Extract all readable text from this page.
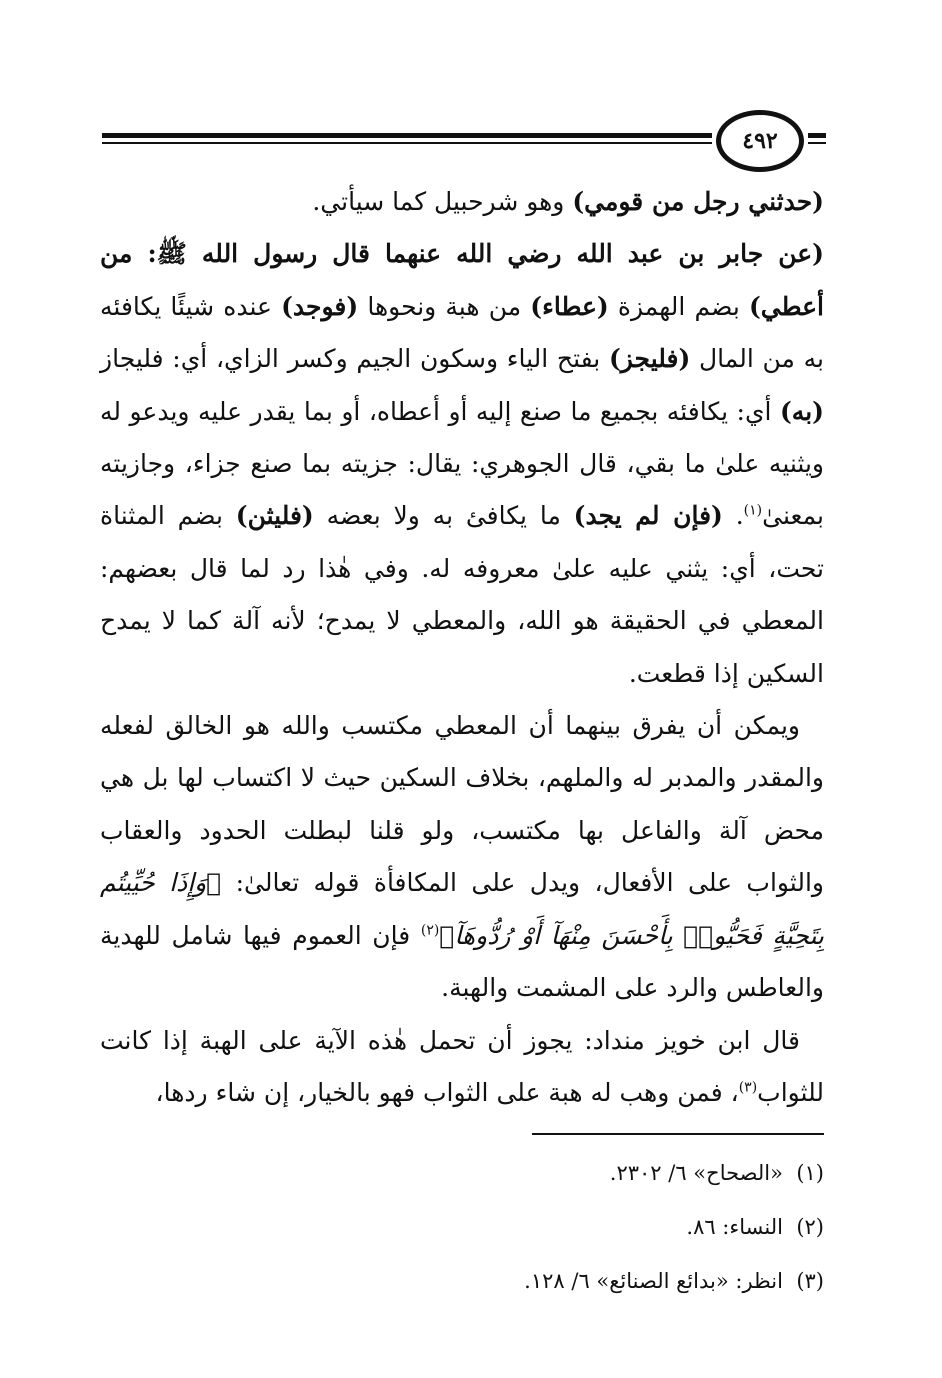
٤٩٢

(حدثني رجل من قومي) وهو شرحبيل كما سيأتي.

(عن جابر بن عبد الله رضي الله عنهما قال رسول الله ﷺ: من أعطي) بضم الهمزة (عطاء) من هبة ونحوها (فوجد) عنده شيئًا يكافئه به من المال (فليجز) بفتح الياء وسكون الجيم وكسر الزاي، أي: فليجاز (به) أي: يكافئه بجميع ما صنع إليه أو أعطاه، أو بما يقدر عليه ويدعو له ويثنيه علىٰ ما بقي، قال الجوهري: يقال: جزيته بما صنع جزاء، وجازيته بمعنىٰ$^{(١)}$. (فإن لم يجد) ما يكافئ به ولا بعضه (فليثن) بضم المثناة تحت، أي: يثني عليه علىٰ معروفه له. وفي هٰذا رد لما قال بعضهم: المعطي في الحقيقة هو الله، والمعطي لا يمدح؛ لأنه آلة كما لا يمدح السكين إذا قطعت.

ويمكن أن يفرق بينهما أن المعطي مكتسب والله هو الخالق لفعله والمقدر والمدبر له والملهم، بخلاف السكين حيث لا اكتساب لها بل هي محض آلة والفاعل بها مكتسب، ولو قلنا لبطلت الحدود والعقاب والثواب على الأفعال، ويدل على المكافأة قوله تعالىٰ: ﴿وَإِذَا حُيِّيتُم بِتَحِيَّةٍ فَحَيُّوا۟ بِأَحْسَنَ مِنْهَآ أَوْ رُدُّوهَآ﴾$^{(٢)}$ فإن العموم فيها شامل للهدية والعاطس والرد على المشمت والهبة.

قال ابن خويز منداد: يجوز أن تحمل هٰذه الآية على الهبة إذا كانت للثواب$^{(٣)}$، فمن وهب له هبة على الثواب فهو بالخيار، إن شاء ردها،

(١)  «الصحاح» ٦/ ٢٣٠٢.
(٢)  النساء: ٨٦.
(٣)  انظر: «بدائع الصنائع» ٦/ ١٢٨.
